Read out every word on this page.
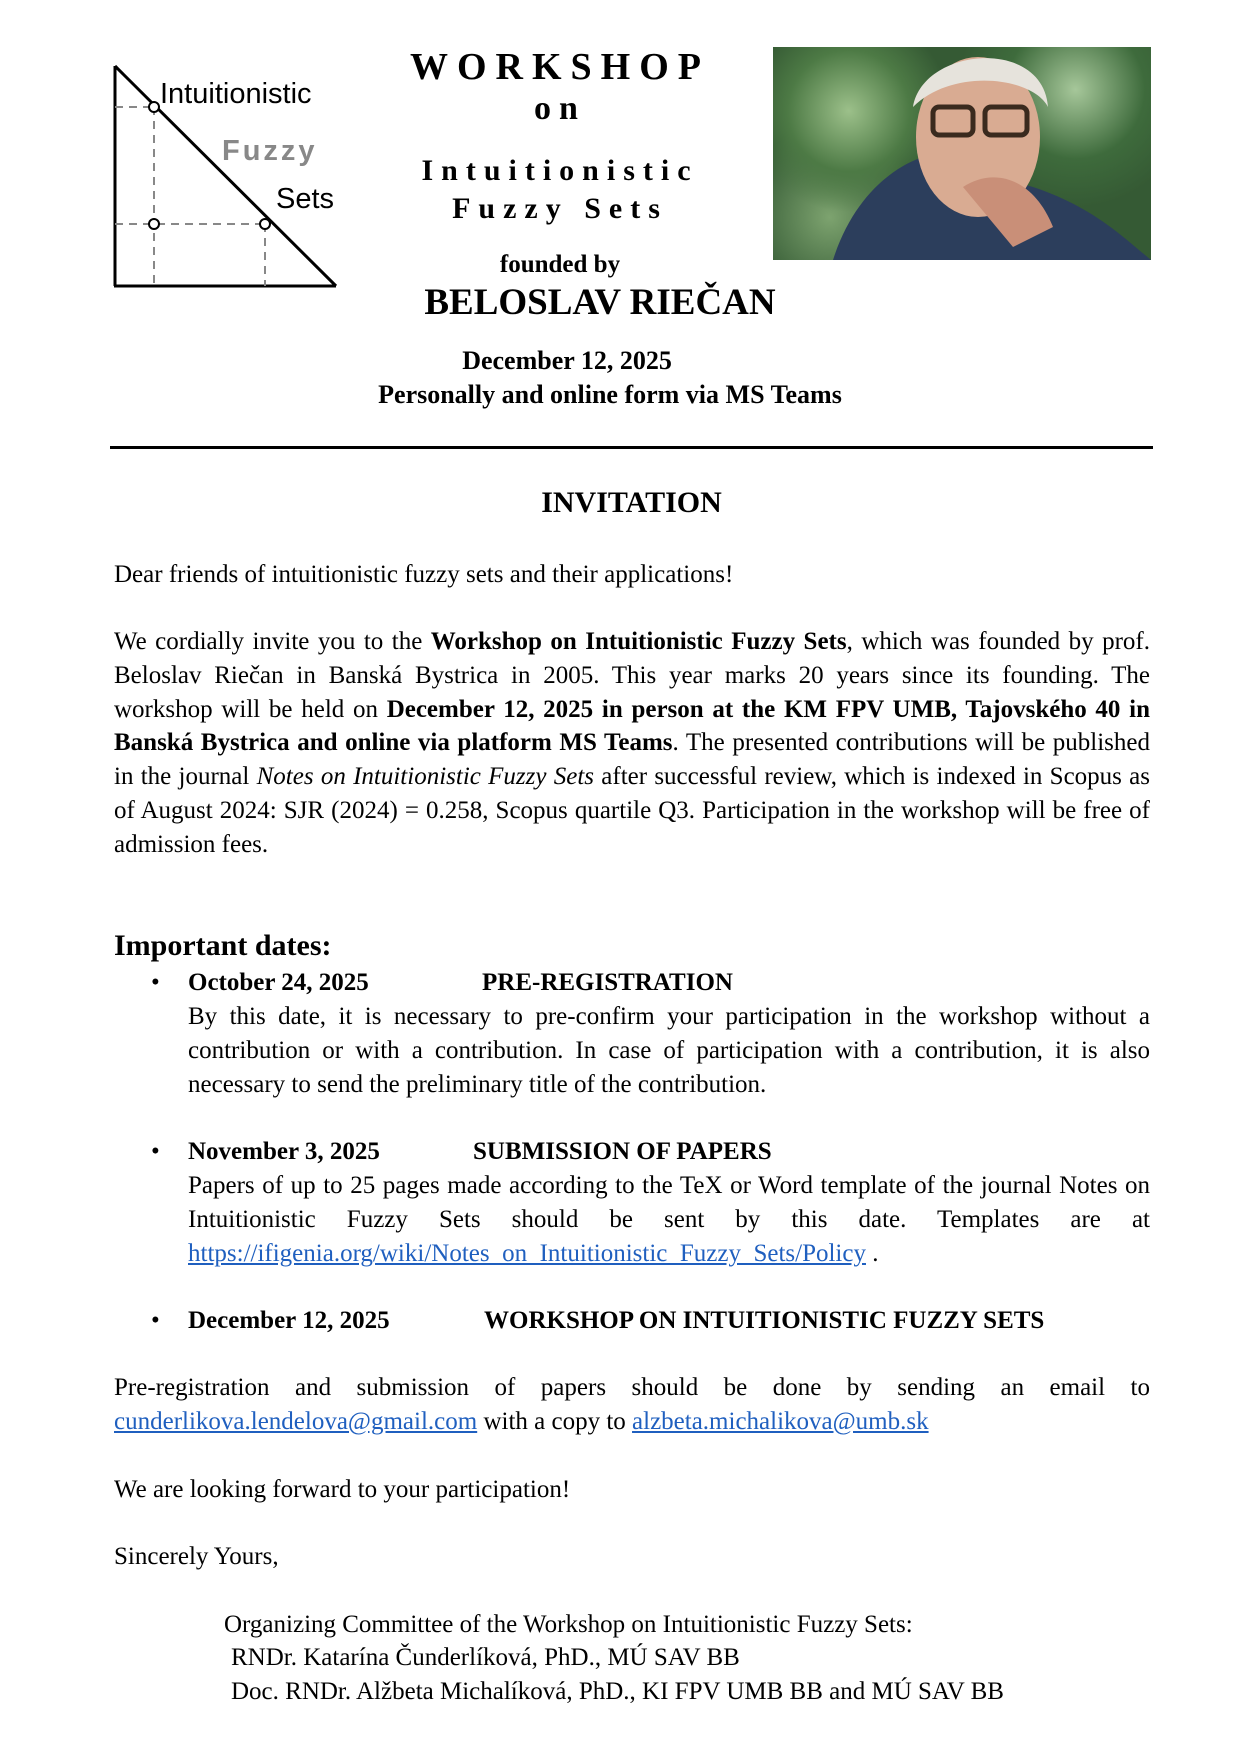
Intuitionistic
Fuzzy
Sets
WORKSHOP
on
Intuitionistic
Fuzzy Sets
founded by
BELOSLAV RIEČAN
December 12, 2025
Personally and online form via MS Teams
INVITATION
Dear friends of intuitionistic fuzzy sets and their applications!
We cordially invite you to the Workshop on Intuitionistic Fuzzy Sets, which was founded by prof. Beloslav Riečan in Banská Bystrica in 2005. This year marks 20 years since its founding. The workshop will be held on December 12, 2025 in person at the KM FPV UMB, Tajovského 40 in Banská Bystrica and online via platform MS Teams. The presented contributions will be published in the journal Notes on Intuitionistic Fuzzy Sets after successful review, which is indexed in Scopus as of August 2024: SJR (2024) = 0.258, Scopus quartile Q3. Participation in the workshop will be free of admission fees.
Important dates:
• October 24, 2025	PRE-REGISTRATION
By this date, it is necessary to pre-confirm your participation in the workshop without a contribution or with a contribution. In case of participation with a contribution, it is also necessary to send the preliminary title of the contribution.
• November 3, 2025	SUBMISSION OF PAPERS
Papers of up to 25 pages made according to the TeX or Word template of the journal Notes on Intuitionistic Fuzzy Sets should be sent by this date. Templates are at https://ifigenia.org/wiki/Notes_on_Intuitionistic_Fuzzy_Sets/Policy .
• December 12, 2025	WORKSHOP ON INTUITIONISTIC FUZZY SETS
Pre-registration and submission of papers should be done by sending an email to cunderlikova.lendelova@gmail.com with a copy to alzbeta.michalikova@umb.sk
We are looking forward to your participation!
Sincerely Yours,
Organizing Committee of the Workshop on Intuitionistic Fuzzy Sets:
RNDr. Katarína Čunderlíková, PhD., MÚ SAV BB
Doc. RNDr. Alžbeta Michalíková, PhD., KI FPV UMB BB and MÚ SAV BB
